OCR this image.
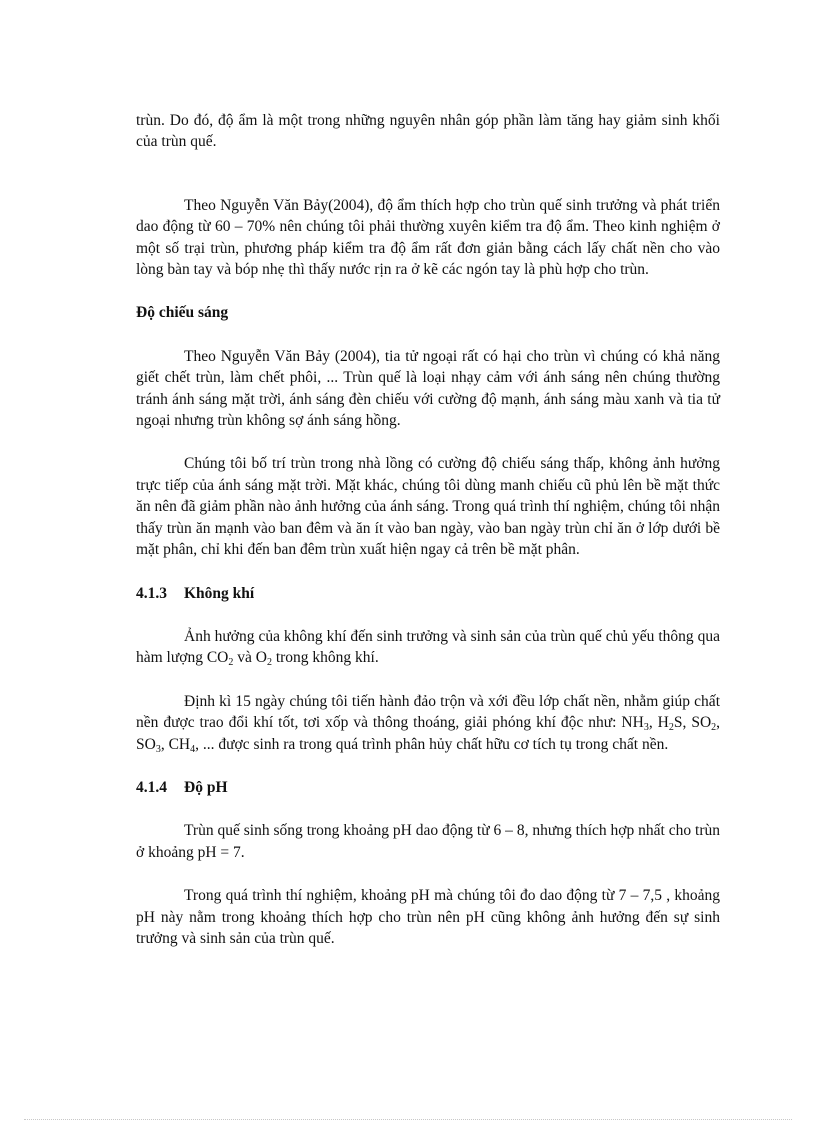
trùn. Do đó, độ ẩm là một trong những nguyên nhân góp phần làm tăng hay giảm sinh khối của trùn quế.

Theo Nguyễn Văn Bảy(2004), độ ẩm thích hợp cho trùn quế sinh trưởng và phát triển dao động từ 60 – 70% nên chúng tôi phải thường xuyên kiểm tra độ ẩm. Theo kinh nghiệm ở một số trại trùn, phương pháp kiểm tra độ ẩm rất đơn giản bằng cách lấy chất nền cho vào lòng bàn tay và bóp nhẹ thì thấy nước rịn ra ở kẽ các ngón tay là phù hợp cho trùn.

Độ chiếu sáng

Theo Nguyễn Văn Bảy (2004), tia tử ngoại rất có hại cho trùn vì chúng có khả năng giết chết trùn, làm chết phôi, ... Trùn quế là loại nhạy cảm với ánh sáng nên chúng thường tránh ánh sáng mặt trời, ánh sáng đèn chiếu với cường độ mạnh, ánh sáng màu xanh và tia tử ngoại nhưng trùn không sợ ánh sáng hồng.

Chúng tôi bố trí trùn trong nhà lồng có cường độ chiếu sáng thấp, không ảnh hưởng trực tiếp của ánh sáng mặt trời. Mặt khác, chúng tôi dùng manh chiếu cũ phủ lên bề mặt thức ăn nên đã giảm phần nào ảnh hưởng của ánh sáng. Trong quá trình thí nghiệm, chúng tôi nhận thấy trùn ăn mạnh vào ban đêm và ăn ít vào ban ngày, vào ban ngày trùn chỉ ăn ở lớp dưới bề mặt phân, chỉ khi đến ban đêm trùn xuất hiện ngay cả trên bề mặt phân.

4.1.3 Không khí

Ảnh hưởng của không khí đến sinh trưởng và sinh sản của trùn quế chủ yếu thông qua hàm lượng $CO_2$ và $O_2$ trong không khí.

Định kì 15 ngày chúng tôi tiến hành đảo trộn và xới đều lớp chất nền, nhằm giúp chất nền được trao đổi khí tốt, tơi xốp và thông thoáng, giải phóng khí độc như: $NH_3$, $H_2S$, $SO_2$, $SO_3$, $CH_4$, ... được sinh ra trong quá trình phân hủy chất hữu cơ tích tụ trong chất nền.

4.1.4 Độ pH

Trùn quế sinh sống trong khoảng pH dao động từ 6 – 8, nhưng thích hợp nhất cho trùn ở khoảng pH = 7.

Trong quá trình thí nghiệm, khoảng pH mà chúng tôi đo dao động từ 7 – 7,5 , khoảng pH này nằm trong khoảng thích hợp cho trùn nên pH cũng không ảnh hưởng đến sự sinh trưởng và sinh sản của trùn quế.
